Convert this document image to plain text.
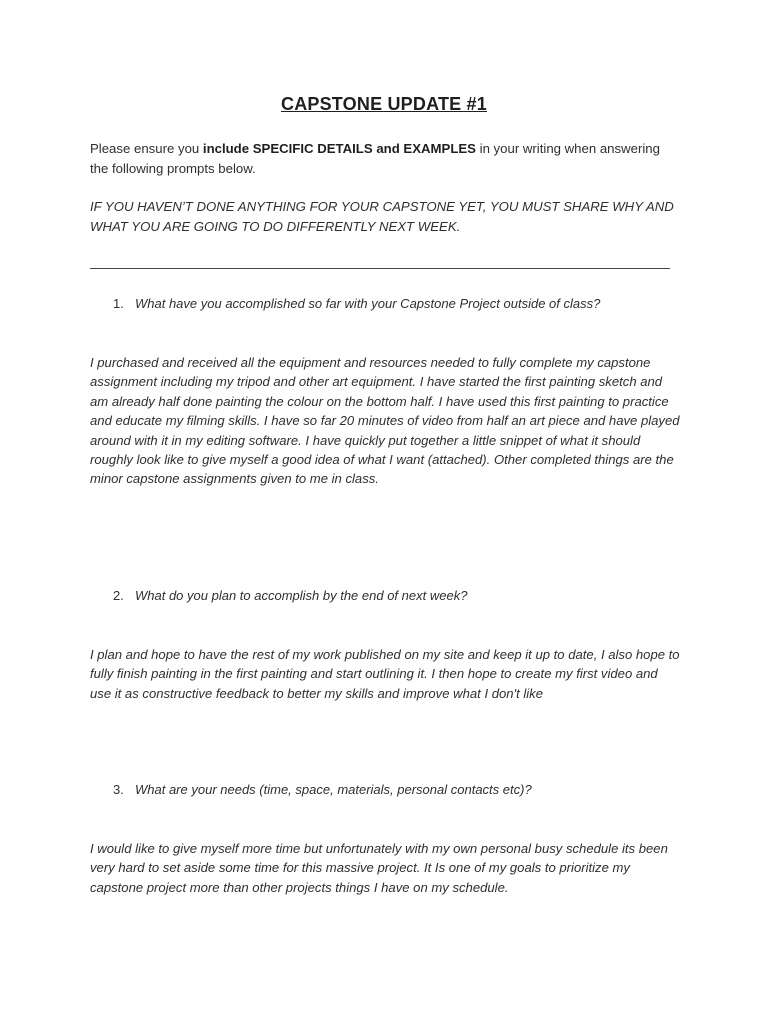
CAPSTONE UPDATE #1
Please ensure you include SPECIFIC DETAILS and EXAMPLES in your writing when answering the following prompts below.
IF YOU HAVEN’T DONE ANYTHING FOR YOUR CAPSTONE YET, YOU MUST SHARE WHY AND WHAT YOU ARE GOING TO DO DIFFERENTLY NEXT WEEK.
1. What have you accomplished so far with your Capstone Project outside of class?
I purchased and received all the equipment and resources needed to fully complete my capstone assignment including my tripod and other art equipment. I have started the first painting sketch and am already half done painting the colour on the bottom half. I have used this first painting to practice and educate my filming skills. I have so far 20 minutes of video from half an art piece and have played around with it in my editing software. I have quickly put together a little snippet of what it should roughly look like to give myself a good idea of what I want (attached). Other completed things are the minor capstone assignments given to me in class.
2. What do you plan to accomplish by the end of next week?
I plan and hope to have the rest of my work published on my site and keep it up to date, I also hope to fully finish painting in the first painting and start outlining it. I then hope to create my first video and use it as constructive feedback to better my skills and improve what I don't like
3. What are your needs (time, space, materials, personal contacts etc)?
I would like to give myself more time but unfortunately with my own personal busy schedule its been very hard to set aside some time for this massive project. It Is one of my goals to prioritize my capstone project more than other projects things I have on my schedule.
